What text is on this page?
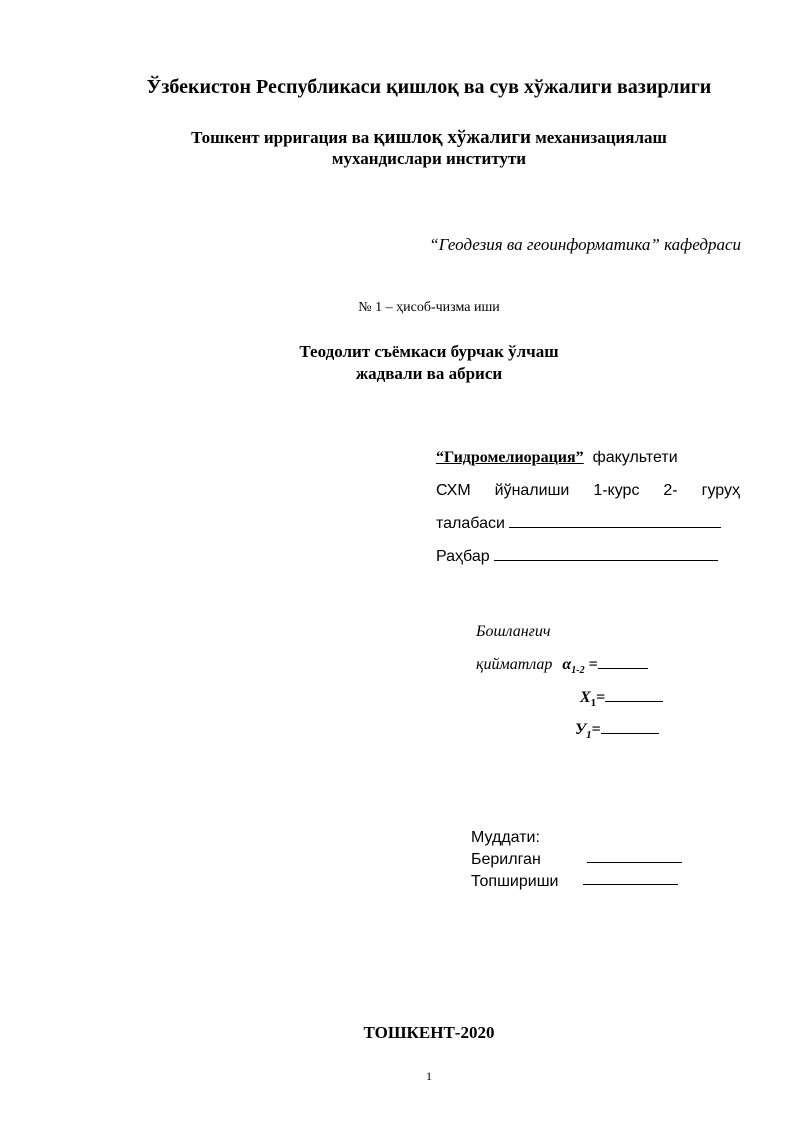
Ўзбекистон Республикаси қишлоқ ва сув хўжалиги вазирлиги
Тошкент ирригация ва қишлоқ хўжалиги механизациялаш
мухандислари институти
“Геодезия ва геоинформатика” кафедраси
№ 1 – ҳисоб-чизма иши
Теодолит съёмкаси бурчак ўлчаш
жадвали ва абриси
“Гидромелиорация” факультети
СХМ йўналиши 1-курс 2- гуруҳ
талабаси
Раҳбар
Бошланғич
қийматлар $\alpha_{1-2}$ =
$X_1=$
$У_1=$
Муддати:
Берилган
Топшириши
ТОШКЕНТ-2020
1
